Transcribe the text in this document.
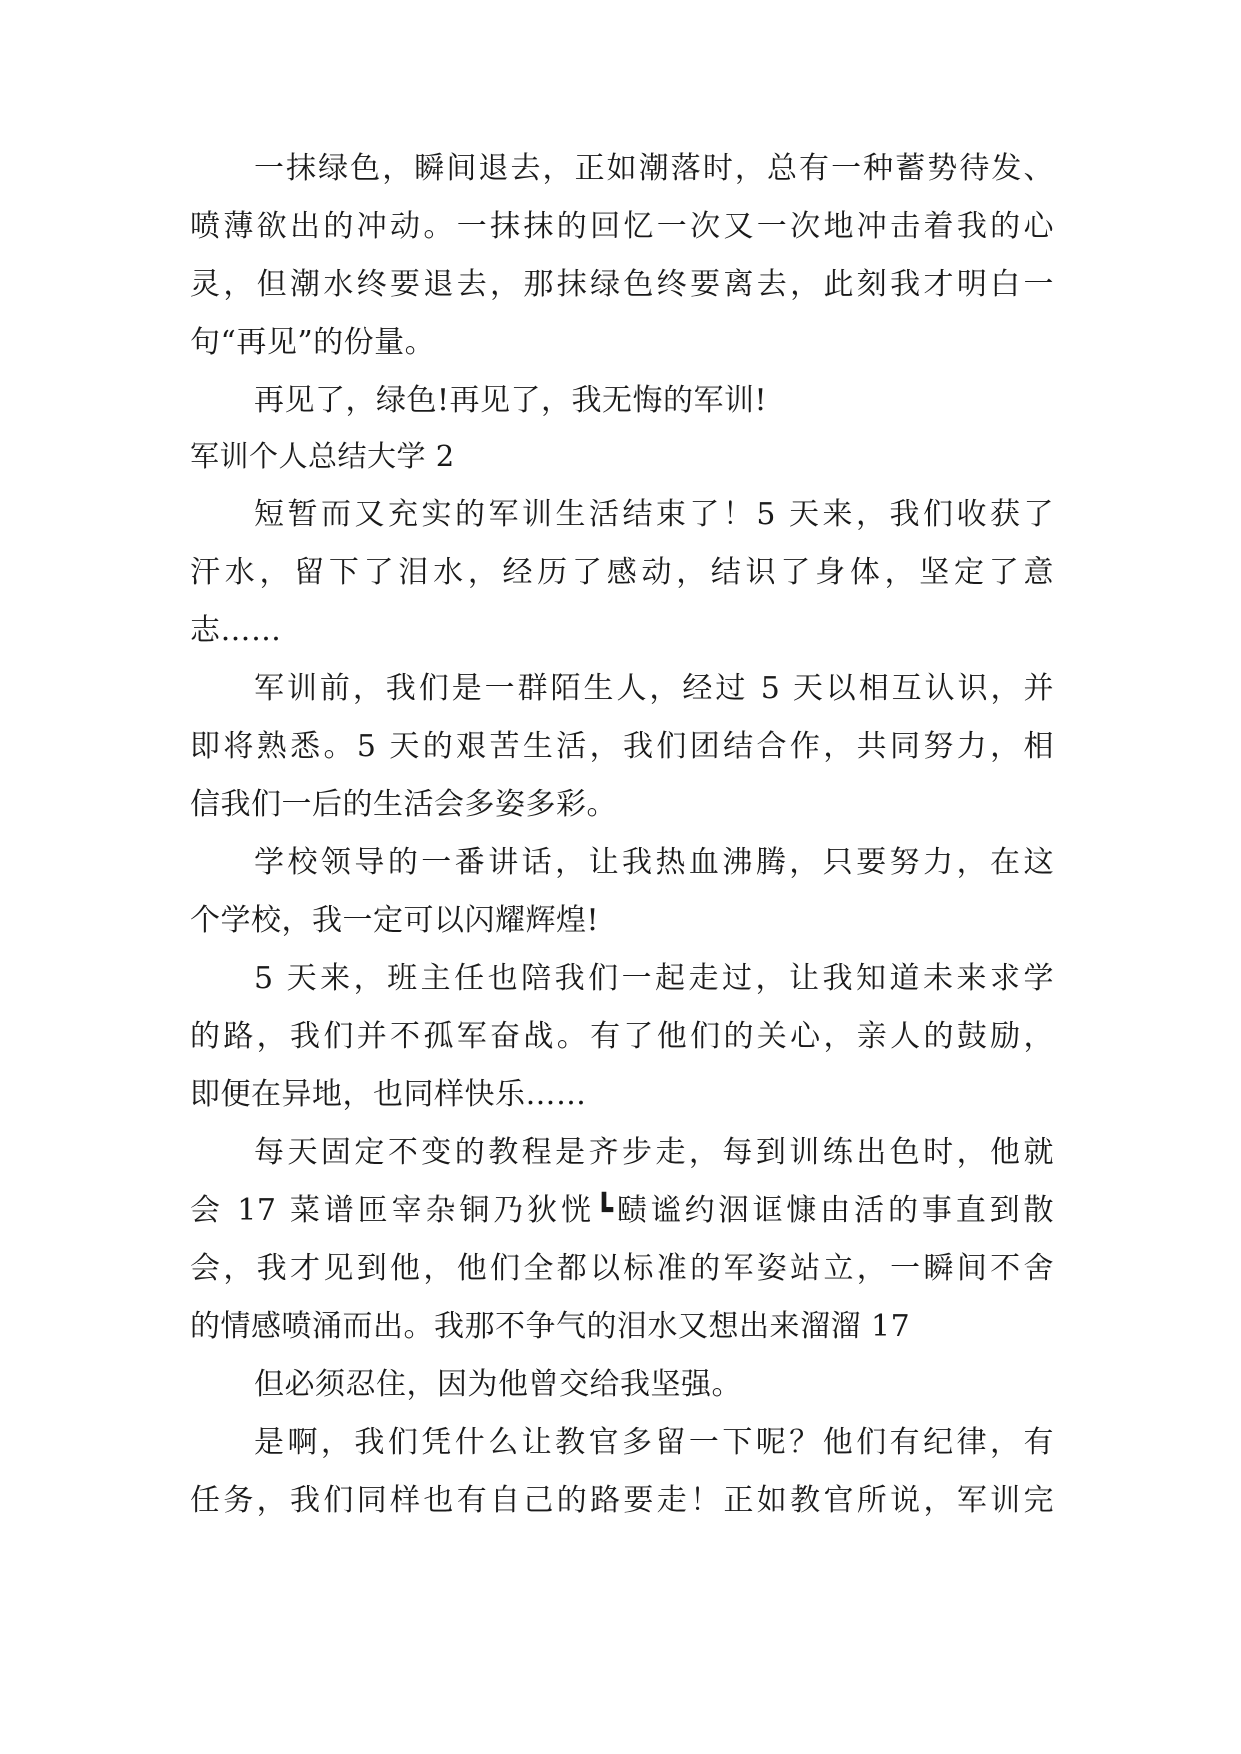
一抹绿色，瞬间退去，正如潮落时，总有一种蓄势待发、
喷薄欲出的冲动。一抹抹的回忆一次又一次地冲击着我的心
灵，但潮水终要退去，那抹绿色终要离去，此刻我才明白一
句“再见”的份量。
再见了，绿色!再见了，我无悔的军训!
军训个人总结大学 2
短暂而又充实的军训生活结束了！5 天来，我们收获了
汗水，留下了泪水，经历了感动，结识了身体，坚定了意
志……
军训前，我们是一群陌生人，经过 5 天以相互认识，并
即将熟悉。5 天的艰苦生活，我们团结合作，共同努力，相
信我们一后的生活会多姿多彩。
学校领导的一番讲话，让我热血沸腾，只要努力，在这
个学校，我一定可以闪耀辉煌!
5 天来，班主任也陪我们一起走过，让我知道未来求学
的路，我们并不孤军奋战。有了他们的关心，亲人的鼓励，
即便在异地，也同样快乐……
每天固定不变的教程是齐步走，每到训练出色时，他就
会 17 菜谱匝宰杂铜乃狄恍┗赜谧约洇诓慷由活的事直到散
会，我才见到他，他们全都以标准的军姿站立，一瞬间不舍
的情感喷涌而出。我那不争气的泪水又想出来溜溜 17
但必须忍住，因为他曾交给我坚强。
是啊，我们凭什么让教官多留一下呢？他们有纪律，有
任务，我们同样也有自己的路要走！正如教官所说，军训完
